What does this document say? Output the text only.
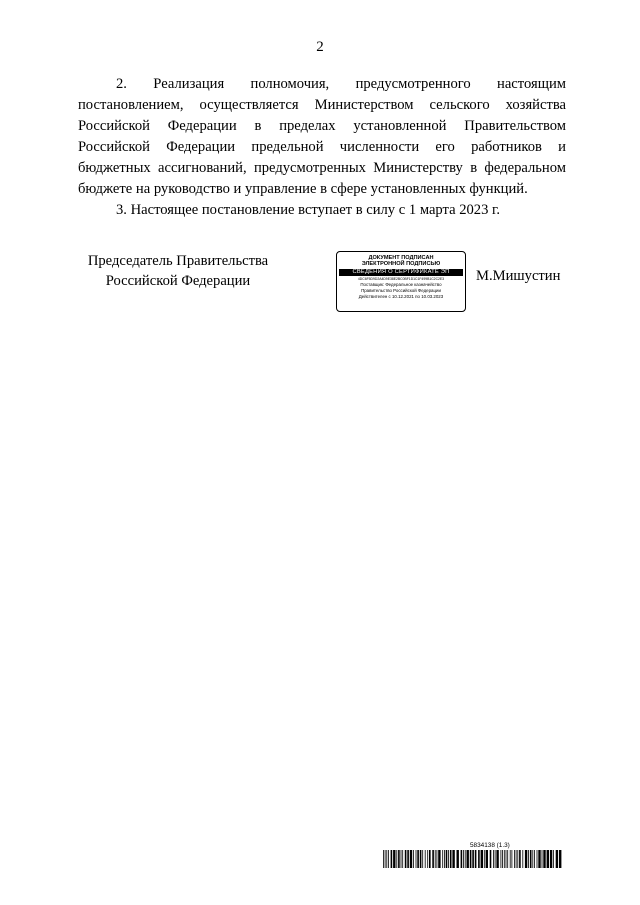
2

2. Реализация полномочия, предусмотренного настоящим постановлением, осуществляется Министерством сельского хозяйства Российской Федерации в пределах установленной Правительством Российской Федерации предельной численности его работников и бюджетных ассигнований, предусмотренных Министерству в федеральном бюджете на руководство и управление в сфере установленных функций.

3. Настоящее постановление вступает в силу с 1 марта 2023 г.

Председатель Правительства
Российской Федерации
ДОКУМЕНТ ПОДПИСАН
ЭЛЕКТРОННОЙ ПОДПИСЬЮ
СВЕДЕНИЯ О СЕРТИФИКАТЕ ЭП
4DC6F5D9D2A4D9E38E2BC0BF1D1C1F499B1C2C2E3
Поставщик: Федеральное казначейство
Правительство Российской Федерации
Действителен с 10.12.2021 по 10.03.2023
М.Мишустин
5834138 (1.3)
